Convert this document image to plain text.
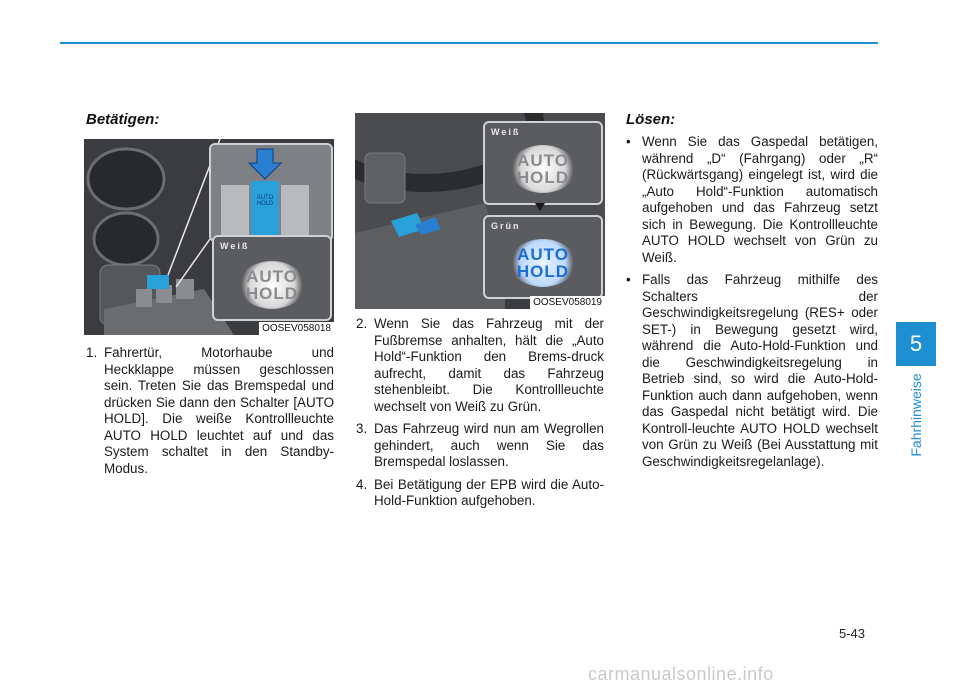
Betätigen:
AUTO HOLD
Weiß
AUTO
HOLD
OOSEV058018
1. Fahrertür, Motorhaube und Heckklappe müssen geschlossen sein. Treten Sie das Bremspedal und drücken Sie dann den Schalter [AUTO HOLD]. Die weiße Kontrollleuchte AUTO HOLD leuchtet auf und das System schaltet in den Standby-Modus.
Weiß
AUTO
HOLD
Grün
AUTO
HOLD
OOSEV058019
2. Wenn Sie das Fahrzeug mit der Fußbremse anhalten, hält die „Auto Hold“-Funktion den Brems-druck aufrecht, damit das Fahrzeug stehenbleibt. Die Kontrollleuchte wechselt von Weiß zu Grün.
3. Das Fahrzeug wird nun am Wegrollen gehindert, auch wenn Sie das Bremspedal loslassen.
4. Bei Betätigung der EPB wird die Auto-Hold-Funktion aufgehoben.
Lösen:
• Wenn Sie das Gaspedal betätigen, während „D“ (Fahrgang) oder „R“ (Rückwärtsgang) eingelegt ist, wird die „Auto Hold“-Funktion automatisch aufgehoben und das Fahrzeug setzt sich in Bewegung. Die Kontrollleuchte AUTO HOLD wechselt von Grün zu Weiß.
• Falls das Fahrzeug mithilfe des Schalters der Geschwindigkeitsregelung (RES+ oder SET-) in Bewegung gesetzt wird, während die Auto-Hold-Funktion und die Geschwindigkeitsregelung in Betrieb sind, so wird die Auto-Hold-Funktion auch dann aufgehoben, wenn das Gaspedal nicht betätigt wird. Die Kontroll-leuchte AUTO HOLD wechselt von Grün zu Weiß (Bei Ausstattung mit Geschwindigkeitsregelanlage).
5
Fahrhinweise
5-43
carmanualsonline.info
